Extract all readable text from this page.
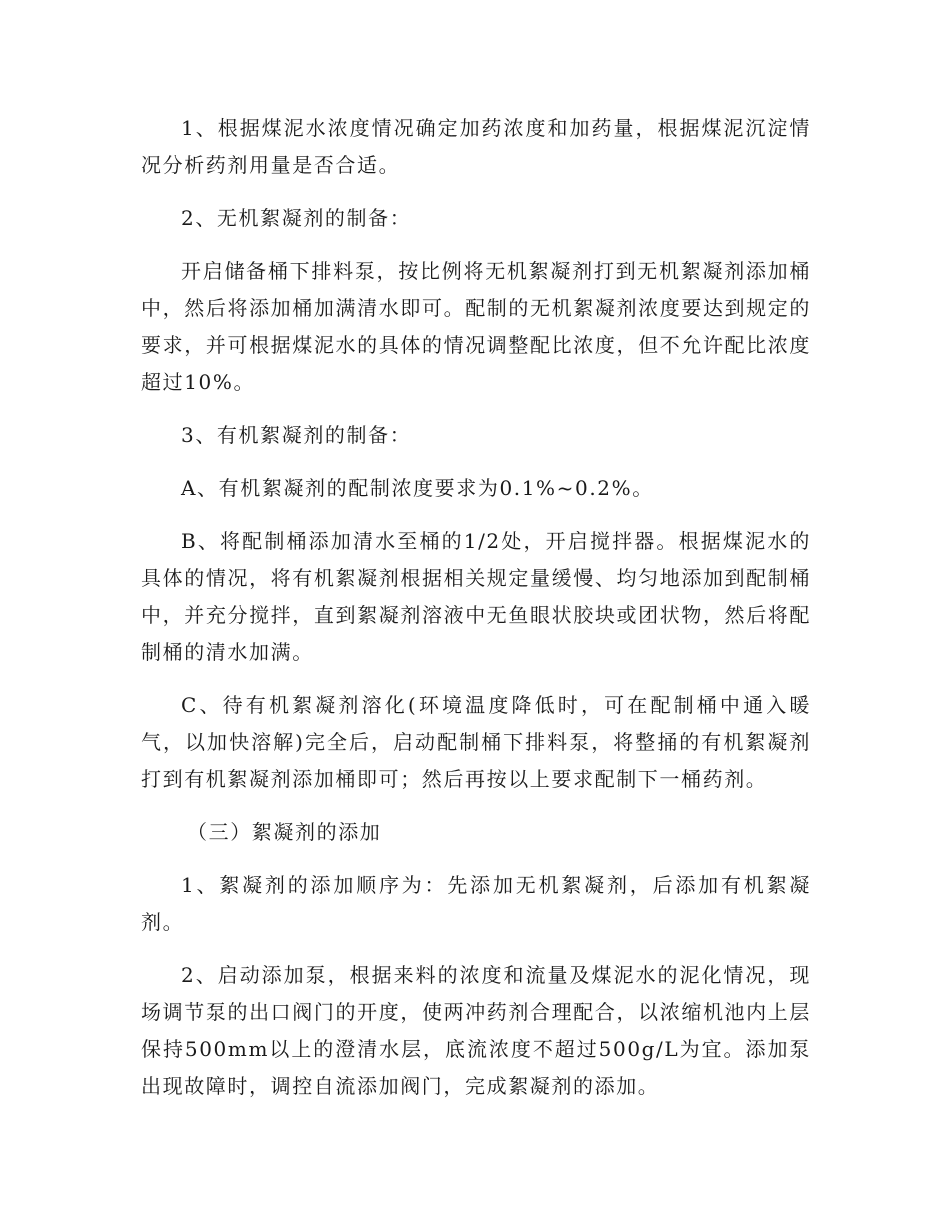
1、根据煤泥水浓度情况确定加药浓度和加药量，根据煤泥沉淀情况分析药剂用量是否合适。

2、无机絮凝剂的制备：

开启储备桶下排料泵，按比例将无机絮凝剂打到无机絮凝剂添加桶中，然后将添加桶加满清水即可。配制的无机絮凝剂浓度要达到规定的要求，并可根据煤泥水的具体的情况调整配比浓度，但不允许配比浓度超过10%。

3、有机絮凝剂的制备：

A、有机絮凝剂的配制浓度要求为0.1%~0.2%。

B、将配制桶添加清水至桶的1/2处，开启搅拌器。根据煤泥水的具体的情况，将有机絮凝剂根据相关规定量缓慢、均匀地添加到配制桶中，并充分搅拌，直到絮凝剂溶液中无鱼眼状胶块或团状物，然后将配制桶的清水加满。

C、待有机絮凝剂溶化(环境温度降低时，可在配制桶中通入暖气，以加快溶解)完全后，启动配制桶下排料泵，将整捅的有机絮凝剂打到有机絮凝剂添加桶即可；然后再按以上要求配制下一桶药剂。

（三）絮凝剂的添加

1、絮凝剂的添加顺序为：先添加无机絮凝剂，后添加有机絮凝剂。

2、启动添加泵，根据来料的浓度和流量及煤泥水的泥化情况，现场调节泵的出口阀门的开度，使两冲药剂合理配合，以浓缩机池内上层保持500mm以上的澄清水层，底流浓度不超过500g/L为宜。添加泵出现故障时，调控自流添加阀门，完成絮凝剂的添加。
